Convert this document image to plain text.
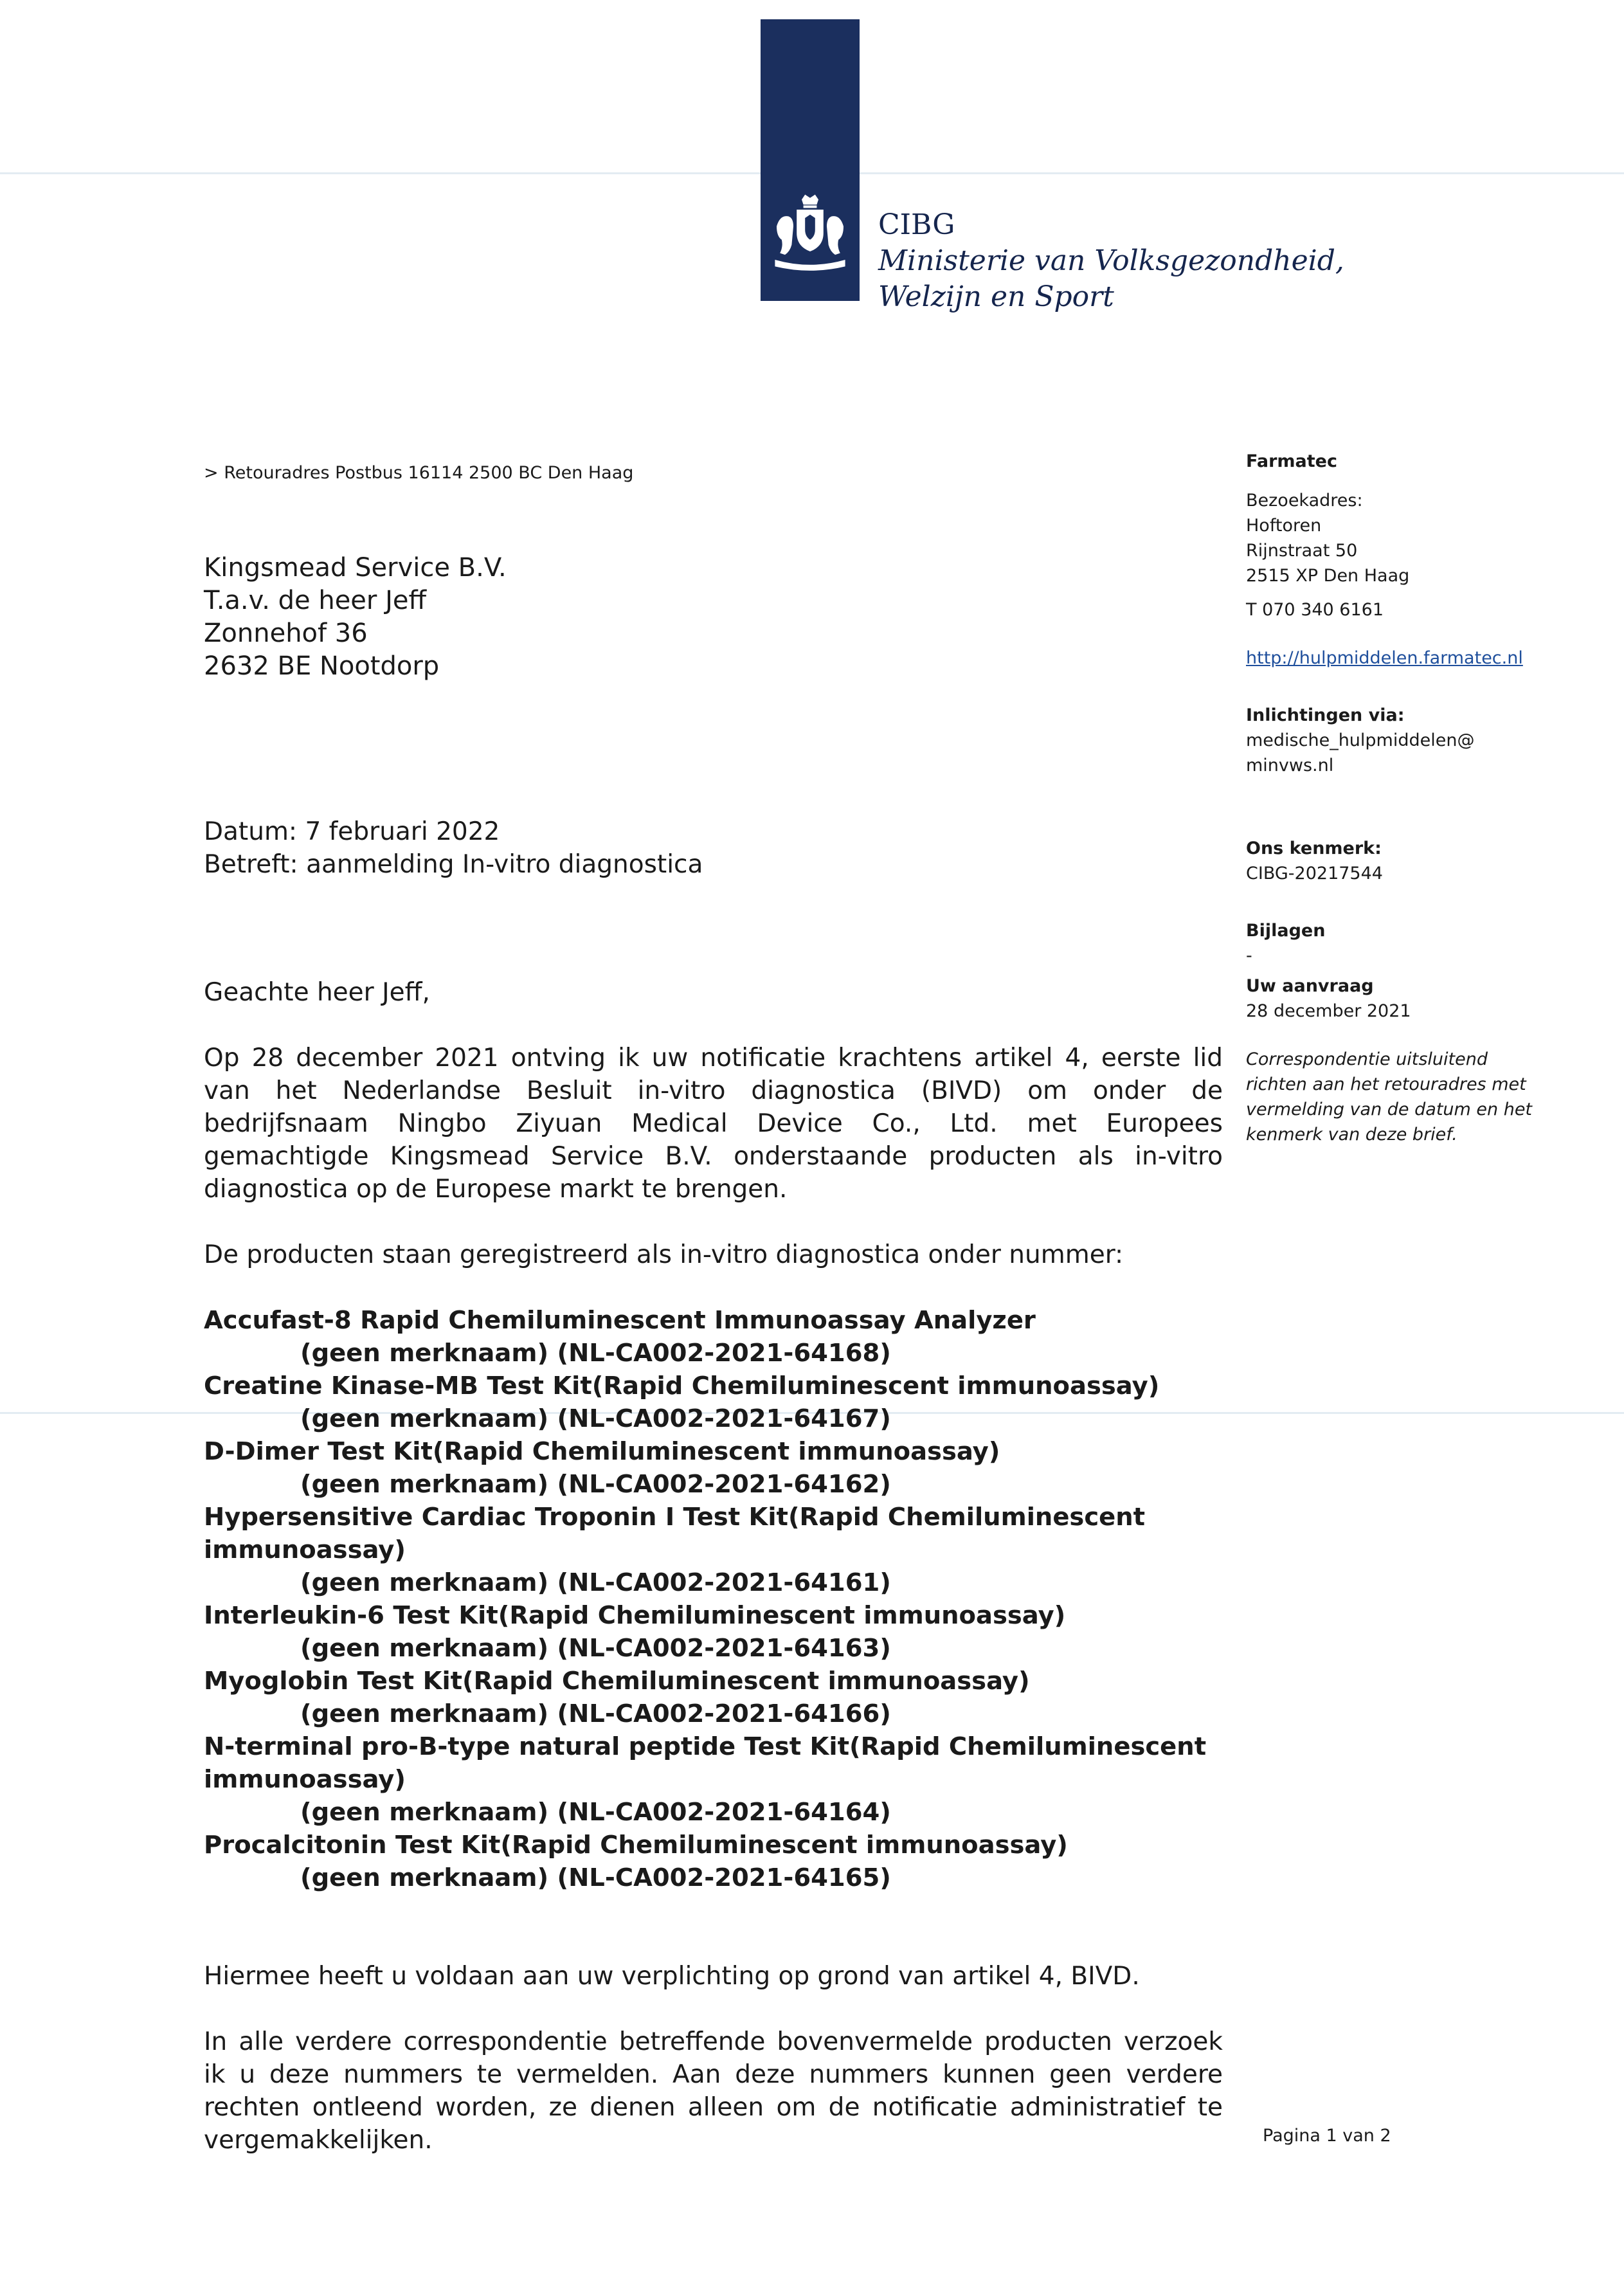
CIBG
Ministerie van Volksgezondheid,
Welzijn en Sport
> Retouradres Postbus 16114 2500 BC Den Haag
Kingsmead Service B.V.
T.a.v. de heer Jeff
Zonnehof 36
2632 BE Nootdorp
Datum: 7 februari 2022
Betreft: aanmelding In-vitro diagnostica
Farmatec
Bezoekadres:
Hoftoren
Rijnstraat 50
2515 XP Den Haag
T 070 340 6161
http://hulpmiddelen.farmatec.nl
Inlichtingen via:
medische_hulpmiddelen@
minvws.nl
Ons kenmerk:
CIBG-20217544
Bijlagen
-
Uw aanvraag
28 december 2021
Correspondentie uitsluitend richten aan het retouradres met vermelding van de datum en het kenmerk van deze brief.

Geachte heer Jeff,

Op 28 december 2021 ontving ik uw notificatie krachtens artikel 4, eerste lid van het Nederlandse Besluit in-vitro diagnostica (BIVD) om onder de bedrijfsnaam Ningbo Ziyuan Medical Device Co., Ltd. met Europees gemachtigde Kingsmead Service B.V. onderstaande producten als in-vitro diagnostica op de Europese markt te brengen.

De producten staan geregistreerd als in-vitro diagnostica onder nummer:

Accufast-8 Rapid Chemiluminescent Immunoassay Analyzer
(geen merknaam) (NL-CA002-2021-64168)
Creatine Kinase-MB Test Kit(Rapid Chemiluminescent immunoassay)
(geen merknaam) (NL-CA002-2021-64167)
D-Dimer Test Kit(Rapid Chemiluminescent immunoassay)
(geen merknaam) (NL-CA002-2021-64162)
Hypersensitive Cardiac Troponin I Test Kit(Rapid Chemiluminescent immunoassay)
(geen merknaam) (NL-CA002-2021-64161)
Interleukin-6 Test Kit(Rapid Chemiluminescent immunoassay)
(geen merknaam) (NL-CA002-2021-64163)
Myoglobin Test Kit(Rapid Chemiluminescent immunoassay)
(geen merknaam) (NL-CA002-2021-64166)
N-terminal pro-B-type natural peptide Test Kit(Rapid Chemiluminescent immunoassay)
(geen merknaam) (NL-CA002-2021-64164)
Procalcitonin Test Kit(Rapid Chemiluminescent immunoassay)
(geen merknaam) (NL-CA002-2021-64165)

Hiermee heeft u voldaan aan uw verplichting op grond van artikel 4, BIVD.

In alle verdere correspondentie betreffende bovenvermelde producten verzoek ik u deze nummers te vermelden. Aan deze nummers kunnen geen verdere rechten ontleend worden, ze dienen alleen om de notificatie administratief te vergemakkelijken.	Pagina 1 van 2
